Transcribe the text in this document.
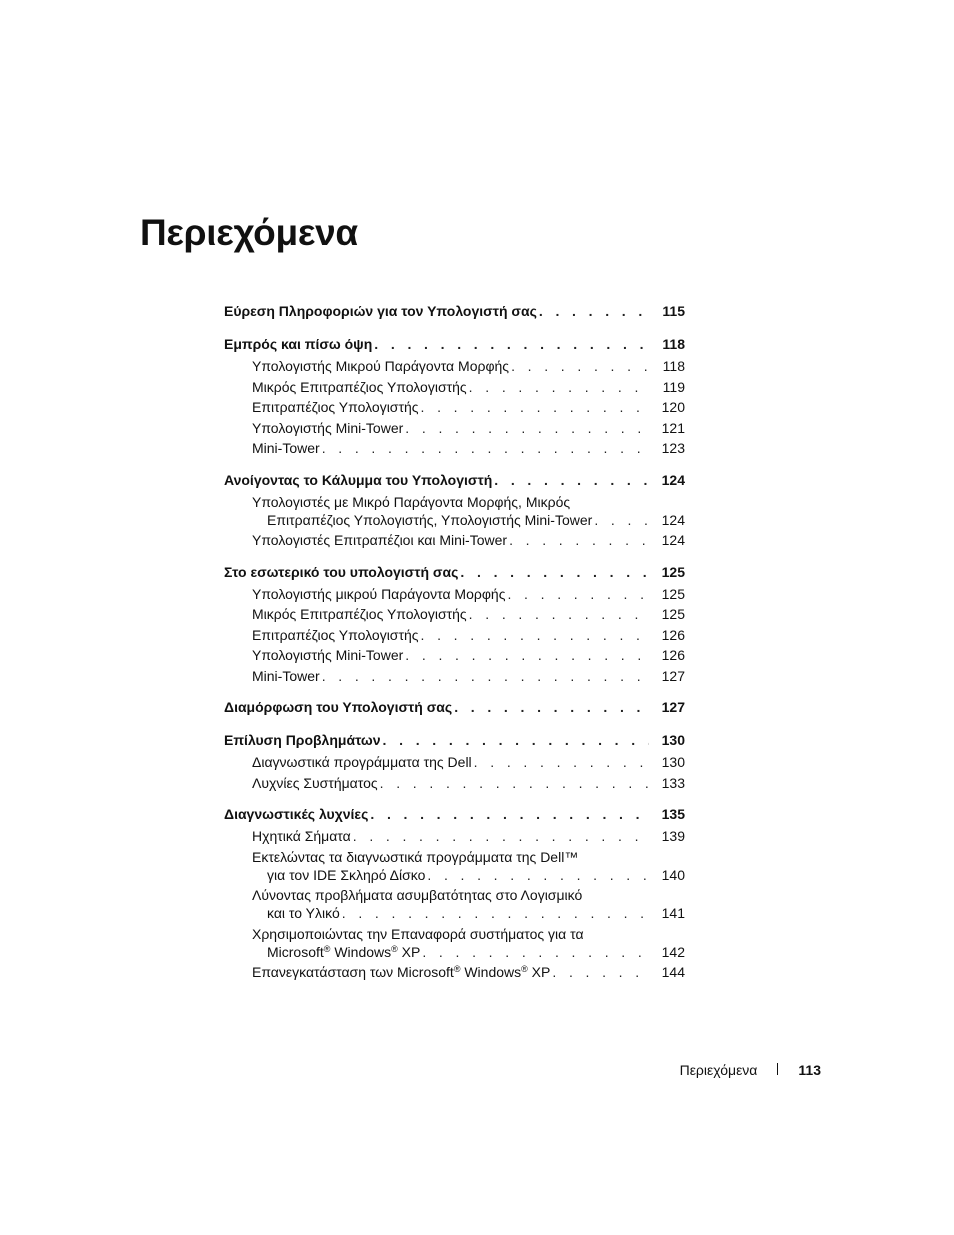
Περιεχόμενα
Εύρεση Πληροφοριών για τον Υπολογιστή σας . . .	115
Εμπρός και πίσω όψη . . .	118
Υπολογιστής Μικρού Παράγοντα Μορφής . . .	118
Μικρός Επιτραπέζιος Υπολογιστής . . .	119
Επιτραπέζιος Υπολογιστής . . .	120
Υπολογιστής Mini-Tower . . .	121
Mini-Tower . . .	123
Ανοίγοντας το Κάλυμμα του Υπολογιστή . . .	124
Υπολογιστές με Μικρό Παράγοντα Μορφής, Μικρός
Επιτραπέζιος Υπολογιστής, Υπολογιστής Mini-Tower . . .	124
Υπολογιστές Επιτραπέζιοι και Mini-Tower . . .	124
Στο εσωτερικό του υπολογιστή σας . . .	125
Υπολογιστής μικρού Παράγοντα Μορφής . . .	125
Μικρός Επιτραπέζιος Υπολογιστής . . .	125
Επιτραπέζιος Υπολογιστής . . .	126
Υπολογιστής Mini-Tower . . .	126
Mini-Tower . . .	127
Διαμόρφωση του Υπολογιστή σας . . .	127
Επίλυση Προβλημάτων . . .	130
Διαγνωστικά προγράμματα της Dell . . .	130
Λυχνίες Συστήματος . . .	133
Διαγνωστικές λυχνίες . . .	135
Ηχητικά Σήματα . . .	139
Εκτελώντας τα διαγνωστικά προγράμματα της Dell™
για τον IDE Σκληρό Δίσκο . . .	140
Λύνοντας προβλήματα ασυμβατότητας στο Λογισμικό
και το Υλικό . . .	141
Χρησιμοποιώντας την Επαναφορά συστήματος για τα
Microsoft® Windows® XP . . .	142
Επανεγκατάσταση των Microsoft® Windows® XP . . .	144
Περιεχόμενα	113
